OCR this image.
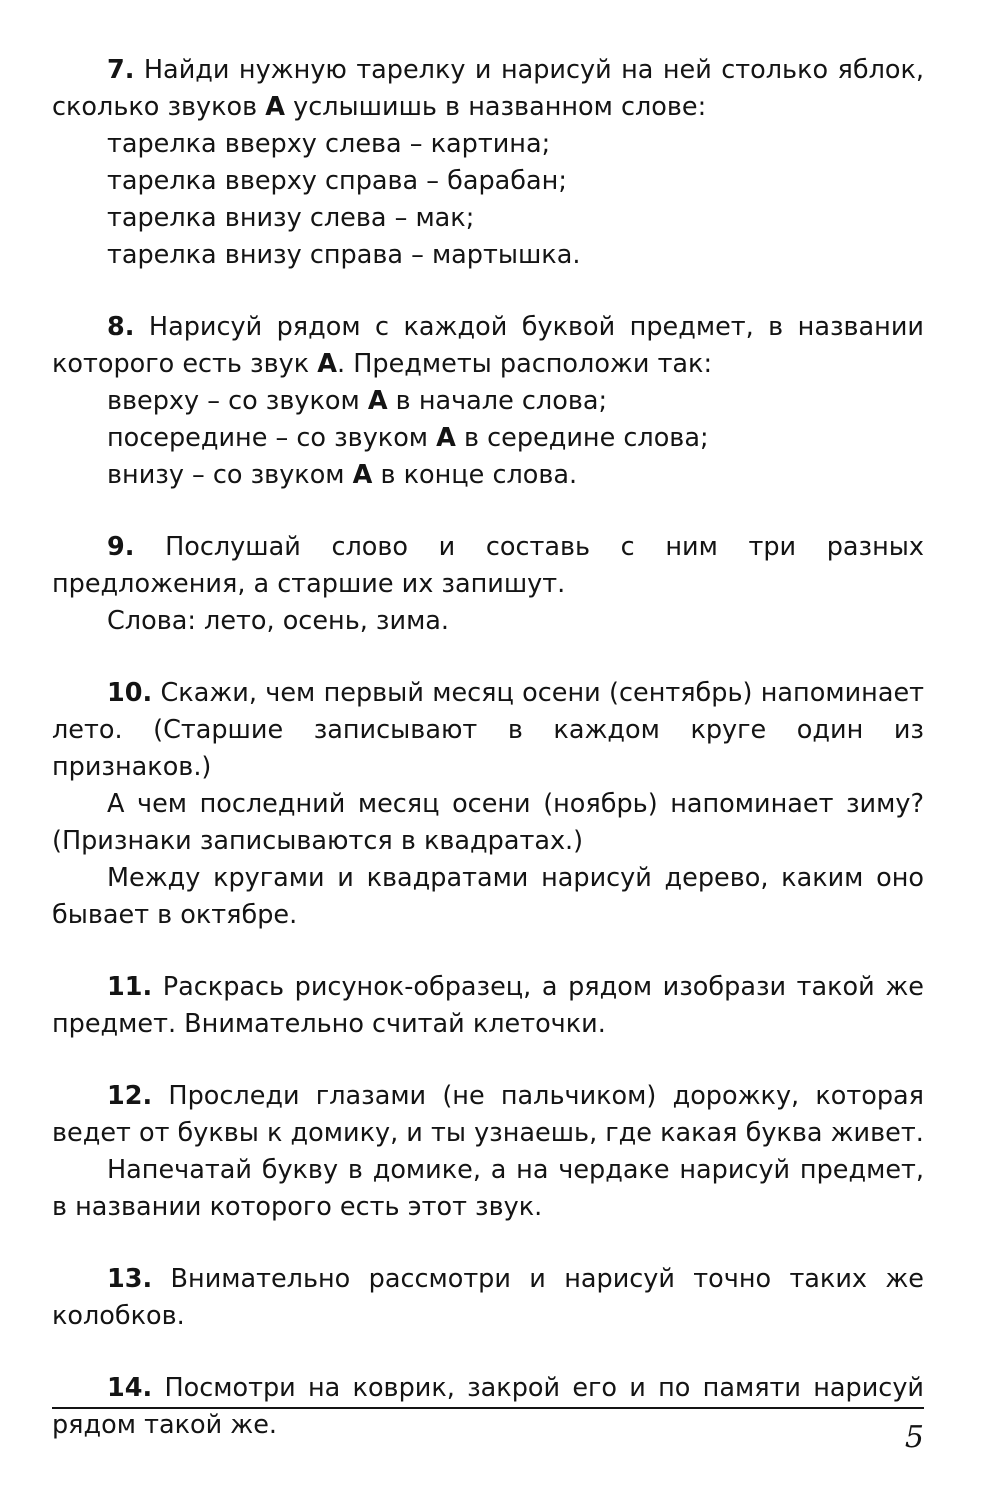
7. Найди нужную тарелку и нарисуй на ней столько яблок, сколько звуков А услышишь в названном слове:

тарелка вверху слева – картина;

тарелка вверху справа – барабан;

тарелка внизу слева – мак;

тарелка внизу справа – мартышка.

8. Нарисуй рядом с каждой буквой предмет, в названии которого есть звук А. Предметы расположи так:

вверху – со звуком А в начале слова;

посередине – со звуком А в середине слова;

внизу – со звуком А в конце слова.

9. Послушай слово и составь с ним три разных предложения, а старшие их запишут.

Слова: лето, осень, зима.

10. Скажи, чем первый месяц осени (сентябрь) напоминает лето. (Старшие записывают в каждом круге один из признаков.)

А чем последний месяц осени (ноябрь) напоминает зиму? (Признаки записываются в квадратах.)

Между кругами и квадратами нарисуй дерево, каким оно бывает в октябре.

11. Раскрась рисунок-образец, а рядом изобрази такой же предмет. Внимательно считай клеточки.

12. Проследи глазами (не пальчиком) дорожку, которая ведет от буквы к домику, и ты узнаешь, где какая буква живет.

Напечатай букву в домике, а на чердаке нарисуй предмет, в названии которого есть этот звук.

13. Внимательно рассмотри и нарисуй точно таких же колобков.

14. Посмотри на коврик, закрой его и по памяти нарисуй рядом такой же.	5
